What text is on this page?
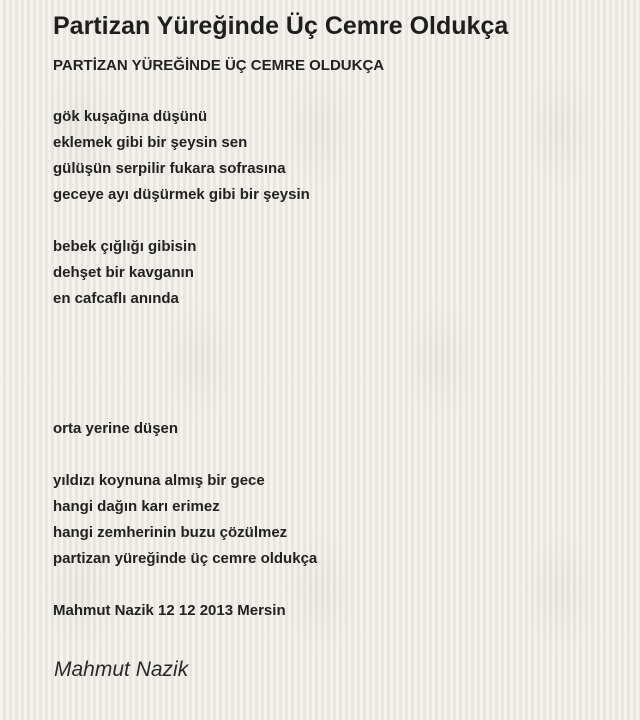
Partizan Yüreğinde Üç Cemre Oldukça
PARTİZAN YÜREĞİNDE ÜÇ CEMRE OLDUKÇA
gök kuşağına düşünü
eklemek gibi bir şeysin sen
gülüşün serpilir fukara sofrasına
geceye ayı düşürmek gibi bir şeysin
bebek çığlığı gibisin
dehşet bir kavganın
en cafcaflı anında
orta yerine düşen
yıldızı koynuna almış bir gece
hangi dağın karı erimez
hangi zemherinin buzu çözülmez
partizan yüreğinde üç cemre oldukça
Mahmut Nazik 12 12 2013 Mersin
Mahmut Nazik
